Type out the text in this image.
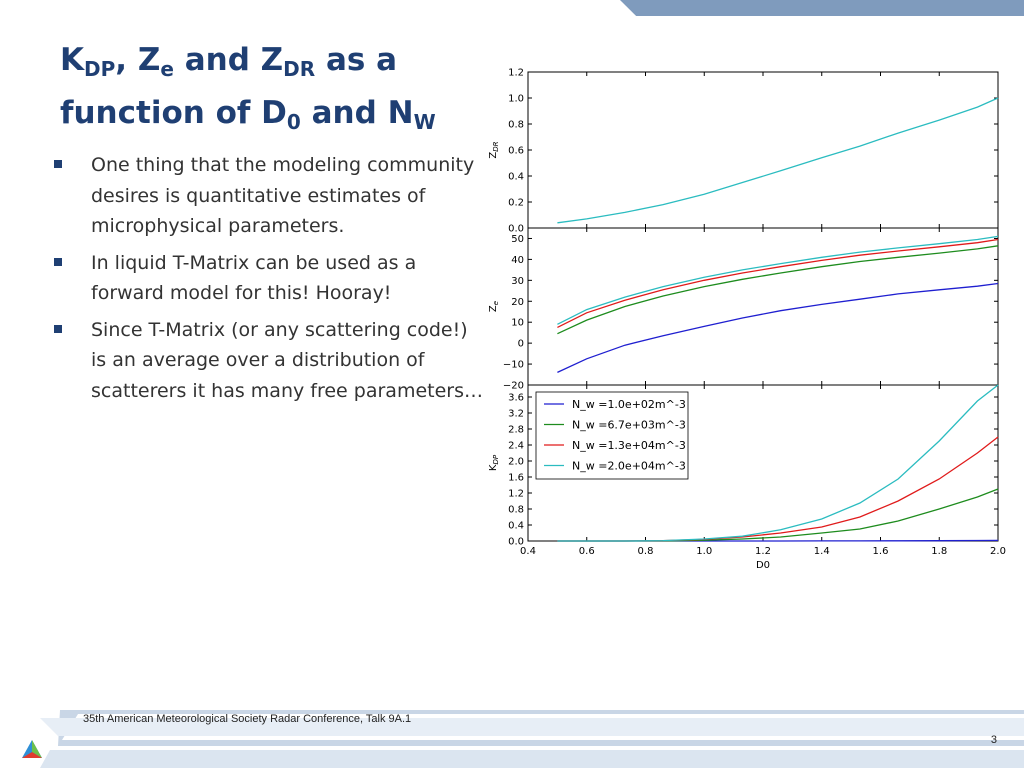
$K_{DP}$, $Z_e$ and $Z_{DR}$ as a
function of $D_0$ and $N_W$
One thing that the modeling community desires is quantitative estimates of microphysical parameters.
In liquid T-Matrix can be used as a forward model for this! Hooray!
Since T-Matrix (or any scattering code!) is an average over a distribution of scatterers it has many free parameters…
0.0
0.2
0.4
0.6
0.8
1.0
1.2
$Z_{DR}$
−20
−10
0
10
20
30
40
50
$Z_e$
0.0
0.4
0.8
1.2
1.6
2.0
2.4
2.8
3.2
3.6
$K_{DP}$
N_w =1.0e+02m^-3
N_w =6.7e+03m^-3
N_w =1.3e+04m^-3
N_w =2.0e+04m^-3
0.4	0.6	0.8	1.0	1.2	1.4	1.6	1.8	2.0
D0
35th American Meteorological Society Radar Conference, Talk 9A.1
3
